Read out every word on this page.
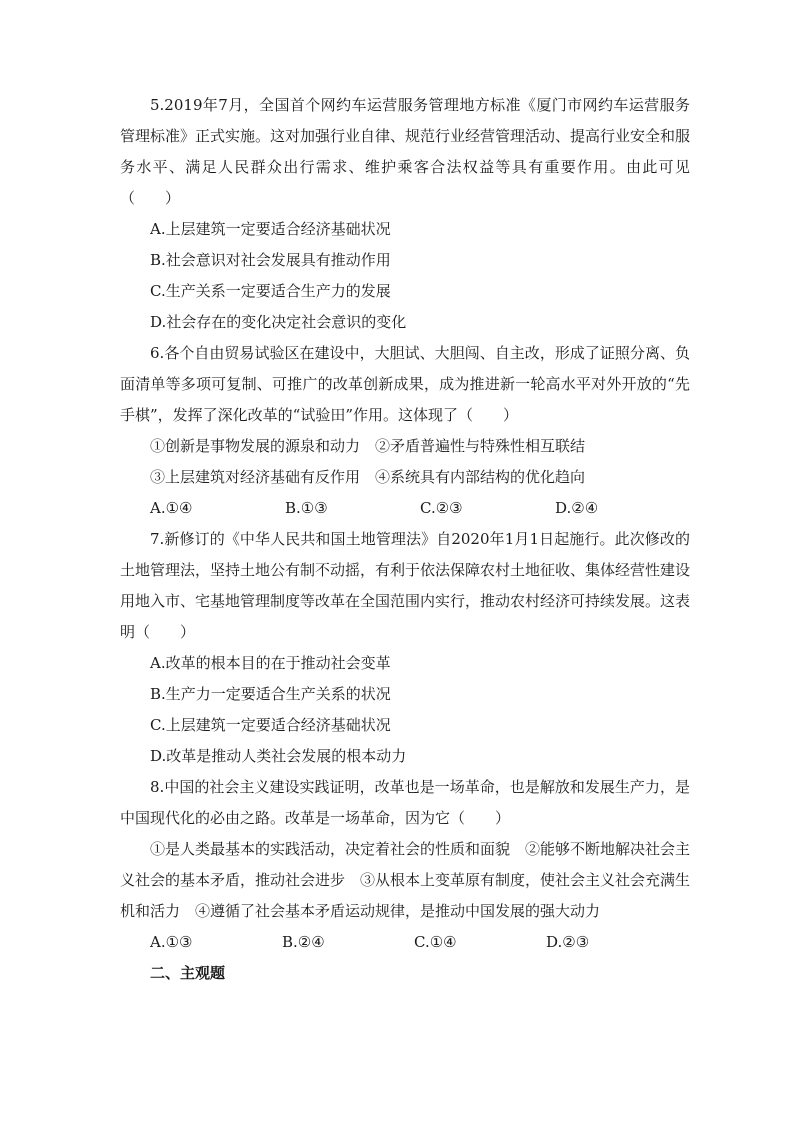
5.2019年7月，全国首个网约车运营服务管理地方标准《厦门市网约车运营服务管理标准》正式实施。这对加强行业自律、规范行业经营管理活动、提高行业安全和服务水平、满足人民群众出行需求、维护乘客合法权益等具有重要作用。由此可见（　　）

A.上层建筑一定要适合经济基础状况

B.社会意识对社会发展具有推动作用

C.生产关系一定要适合生产力的发展

D.社会存在的变化决定社会意识的变化

6.各个自由贸易试验区在建设中，大胆试、大胆闯、自主改，形成了证照分离、负面清单等多项可复制、可推广的改革创新成果，成为推进新一轮高水平对外开放的“先手棋”，发挥了深化改革的“试验田”作用。这体现了（　　）

①创新是事物发展的源泉和动力　②矛盾普遍性与特殊性相互联结

③上层建筑对经济基础有反作用　④系统具有内部结构的优化趋向

A.①④	B.①③	C.②③	D.②④

7.新修订的《中华人民共和国土地管理法》自2020年1月1日起施行。此次修改的土地管理法，坚持土地公有制不动摇，有利于依法保障农村土地征收、集体经营性建设用地入市、宅基地管理制度等改革在全国范围内实行，推动农村经济可持续发展。这表明（　　）

A.改革的根本目的在于推动社会变革

B.生产力一定要适合生产关系的状况

C.上层建筑一定要适合经济基础状况

D.改革是推动人类社会发展的根本动力

8.中国的社会主义建设实践证明，改革也是一场革命，也是解放和发展生产力，是中国现代化的必由之路。改革是一场革命，因为它（　　）

①是人类最基本的实践活动，决定着社会的性质和面貌　②能够不断地解决社会主义社会的基本矛盾，推动社会进步　③从根本上变革原有制度，使社会主义社会充满生机和活力　④遵循了社会基本矛盾运动规律，是推动中国发展的强大动力

A.①③	B.②④	C.①④	D.②③

二、主观题
